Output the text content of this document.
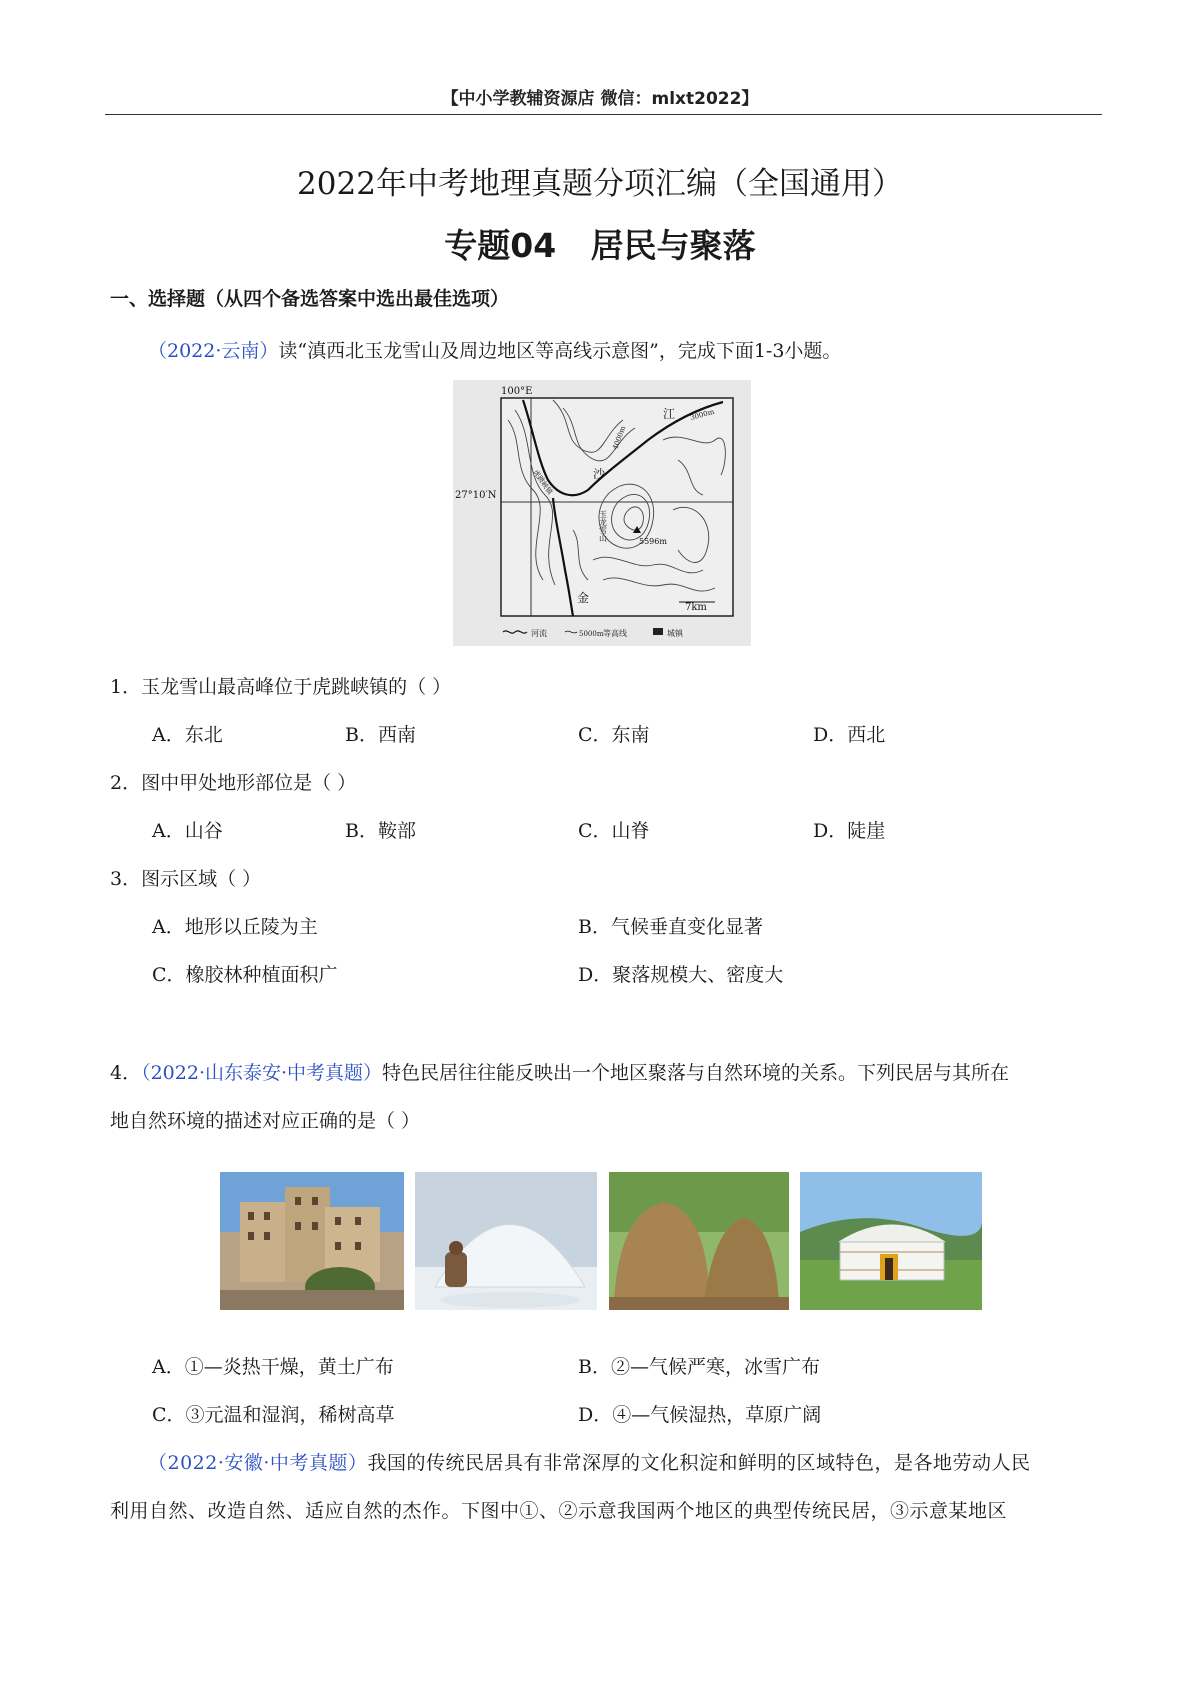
【中小学教辅资源店 微信：mlxt2022】
2022年中考地理真题分项汇编（全国通用）
专题04   居民与聚落
一、选择题（从四个备选答案中选出最佳选项）
（2022·云南）读“滇西北玉龙雪山及周边地区等高线示意图”，完成下面1-3小题。
100°E
27°10′N
7km
5596m
4000m
3000m
江
沙
金
玉龙雪山
虎跳峡镇
河流	5000m 等高线	城镇
1．玉龙雪山最高峰位于虎跳峡镇的（ ）
A．东北	B．西南	C．东南	D．西北
2．图中甲处地形部位是（ ）
A．山谷	B．鞍部	C．山脊	D．陡崖
3．图示区域（ ）
A．地形以丘陵为主	B．气候垂直变化显著
C．橡胶林种植面积广	D．聚落规模大、密度大
4．（2022·山东泰安·中考真题）特色民居往往能反映出一个地区聚落与自然环境的关系。下列民居与其所在
地自然环境的描述对应正确的是（ ）
A．①—炎热干燥，黄土广布	B．②—气候严寒，冰雪广布
C．③元温和湿润，稀树高草	D．④—气候湿热，草原广阔
（2022·安徽·中考真题）我国的传统民居具有非常深厚的文化积淀和鲜明的区域特色，是各地劳动人民
利用自然、改造自然、适应自然的杰作。下图中①、②示意我国两个地区的典型传统民居，③示意某地区
